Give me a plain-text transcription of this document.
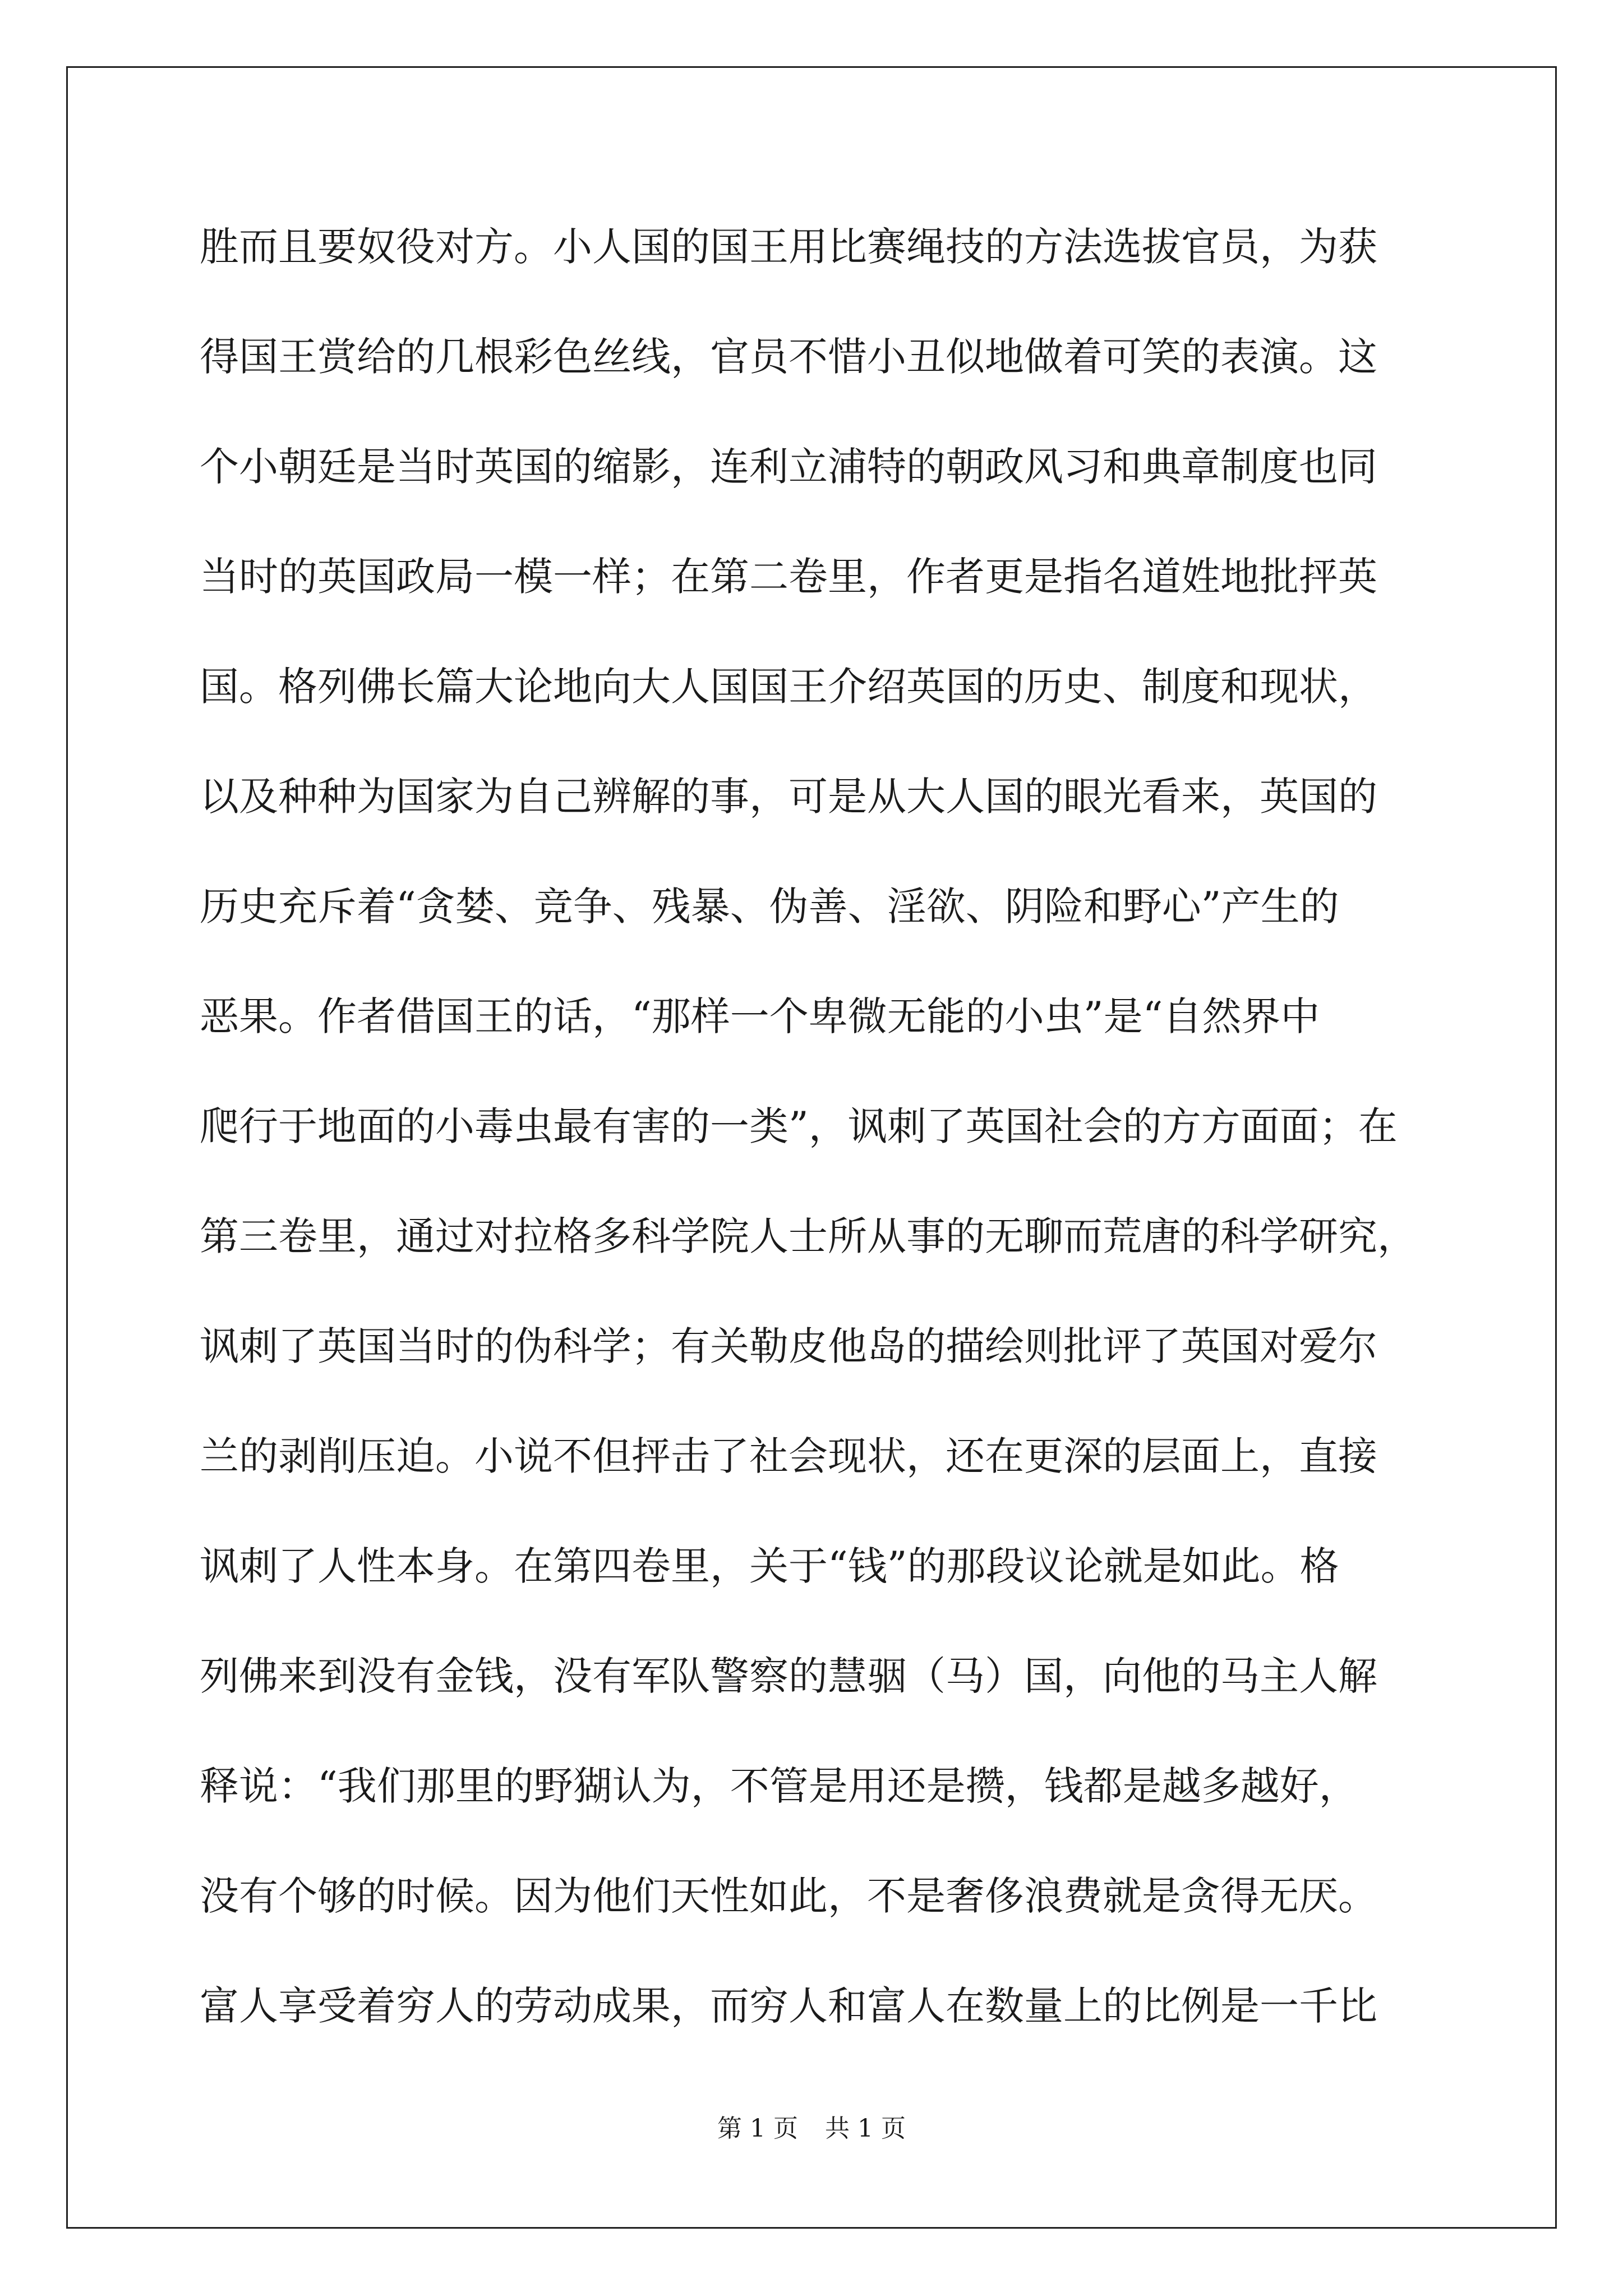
胜而且要奴役对方。小人国的国王用比赛绳技的方法选拔官员，为获
得国王赏给的几根彩色丝线，官员不惜小丑似地做着可笑的表演。这
个小朝廷是当时英国的缩影，连利立浦特的朝政风习和典章制度也同
当时的英国政局一模一样；在第二卷里，作者更是指名道姓地批抨英
国。格列佛长篇大论地向大人国国王介绍英国的历史、制度和现状，
以及种种为国家为自己辨解的事，可是从大人国的眼光看来，英国的
历史充斥着“贪婪、竞争、残暴、伪善、淫欲、阴险和野心”产生的
恶果。作者借国王的话，“那样一个卑微无能的小虫”是“自然界中
爬行于地面的小毒虫最有害的一类”，讽刺了英国社会的方方面面；在
第三卷里，通过对拉格多科学院人士所从事的无聊而荒唐的科学研究，
讽刺了英国当时的伪科学；有关勒皮他岛的描绘则批评了英国对爱尔
兰的剥削压迫。小说不但抨击了社会现状，还在更深的层面上，直接
讽刺了人性本身。在第四卷里，关于“钱”的那段议论就是如此。格
列佛来到没有金钱，没有军队警察的慧骃（马）国，向他的马主人解
释说：“我们那里的野猢认为，不管是用还是攒，钱都是越多越好，
没有个够的时候。因为他们天性如此，不是奢侈浪费就是贪得无厌。
富人享受着穷人的劳动成果，而穷人和富人在数量上的比例是一千比
第 1 页 共 1 页
